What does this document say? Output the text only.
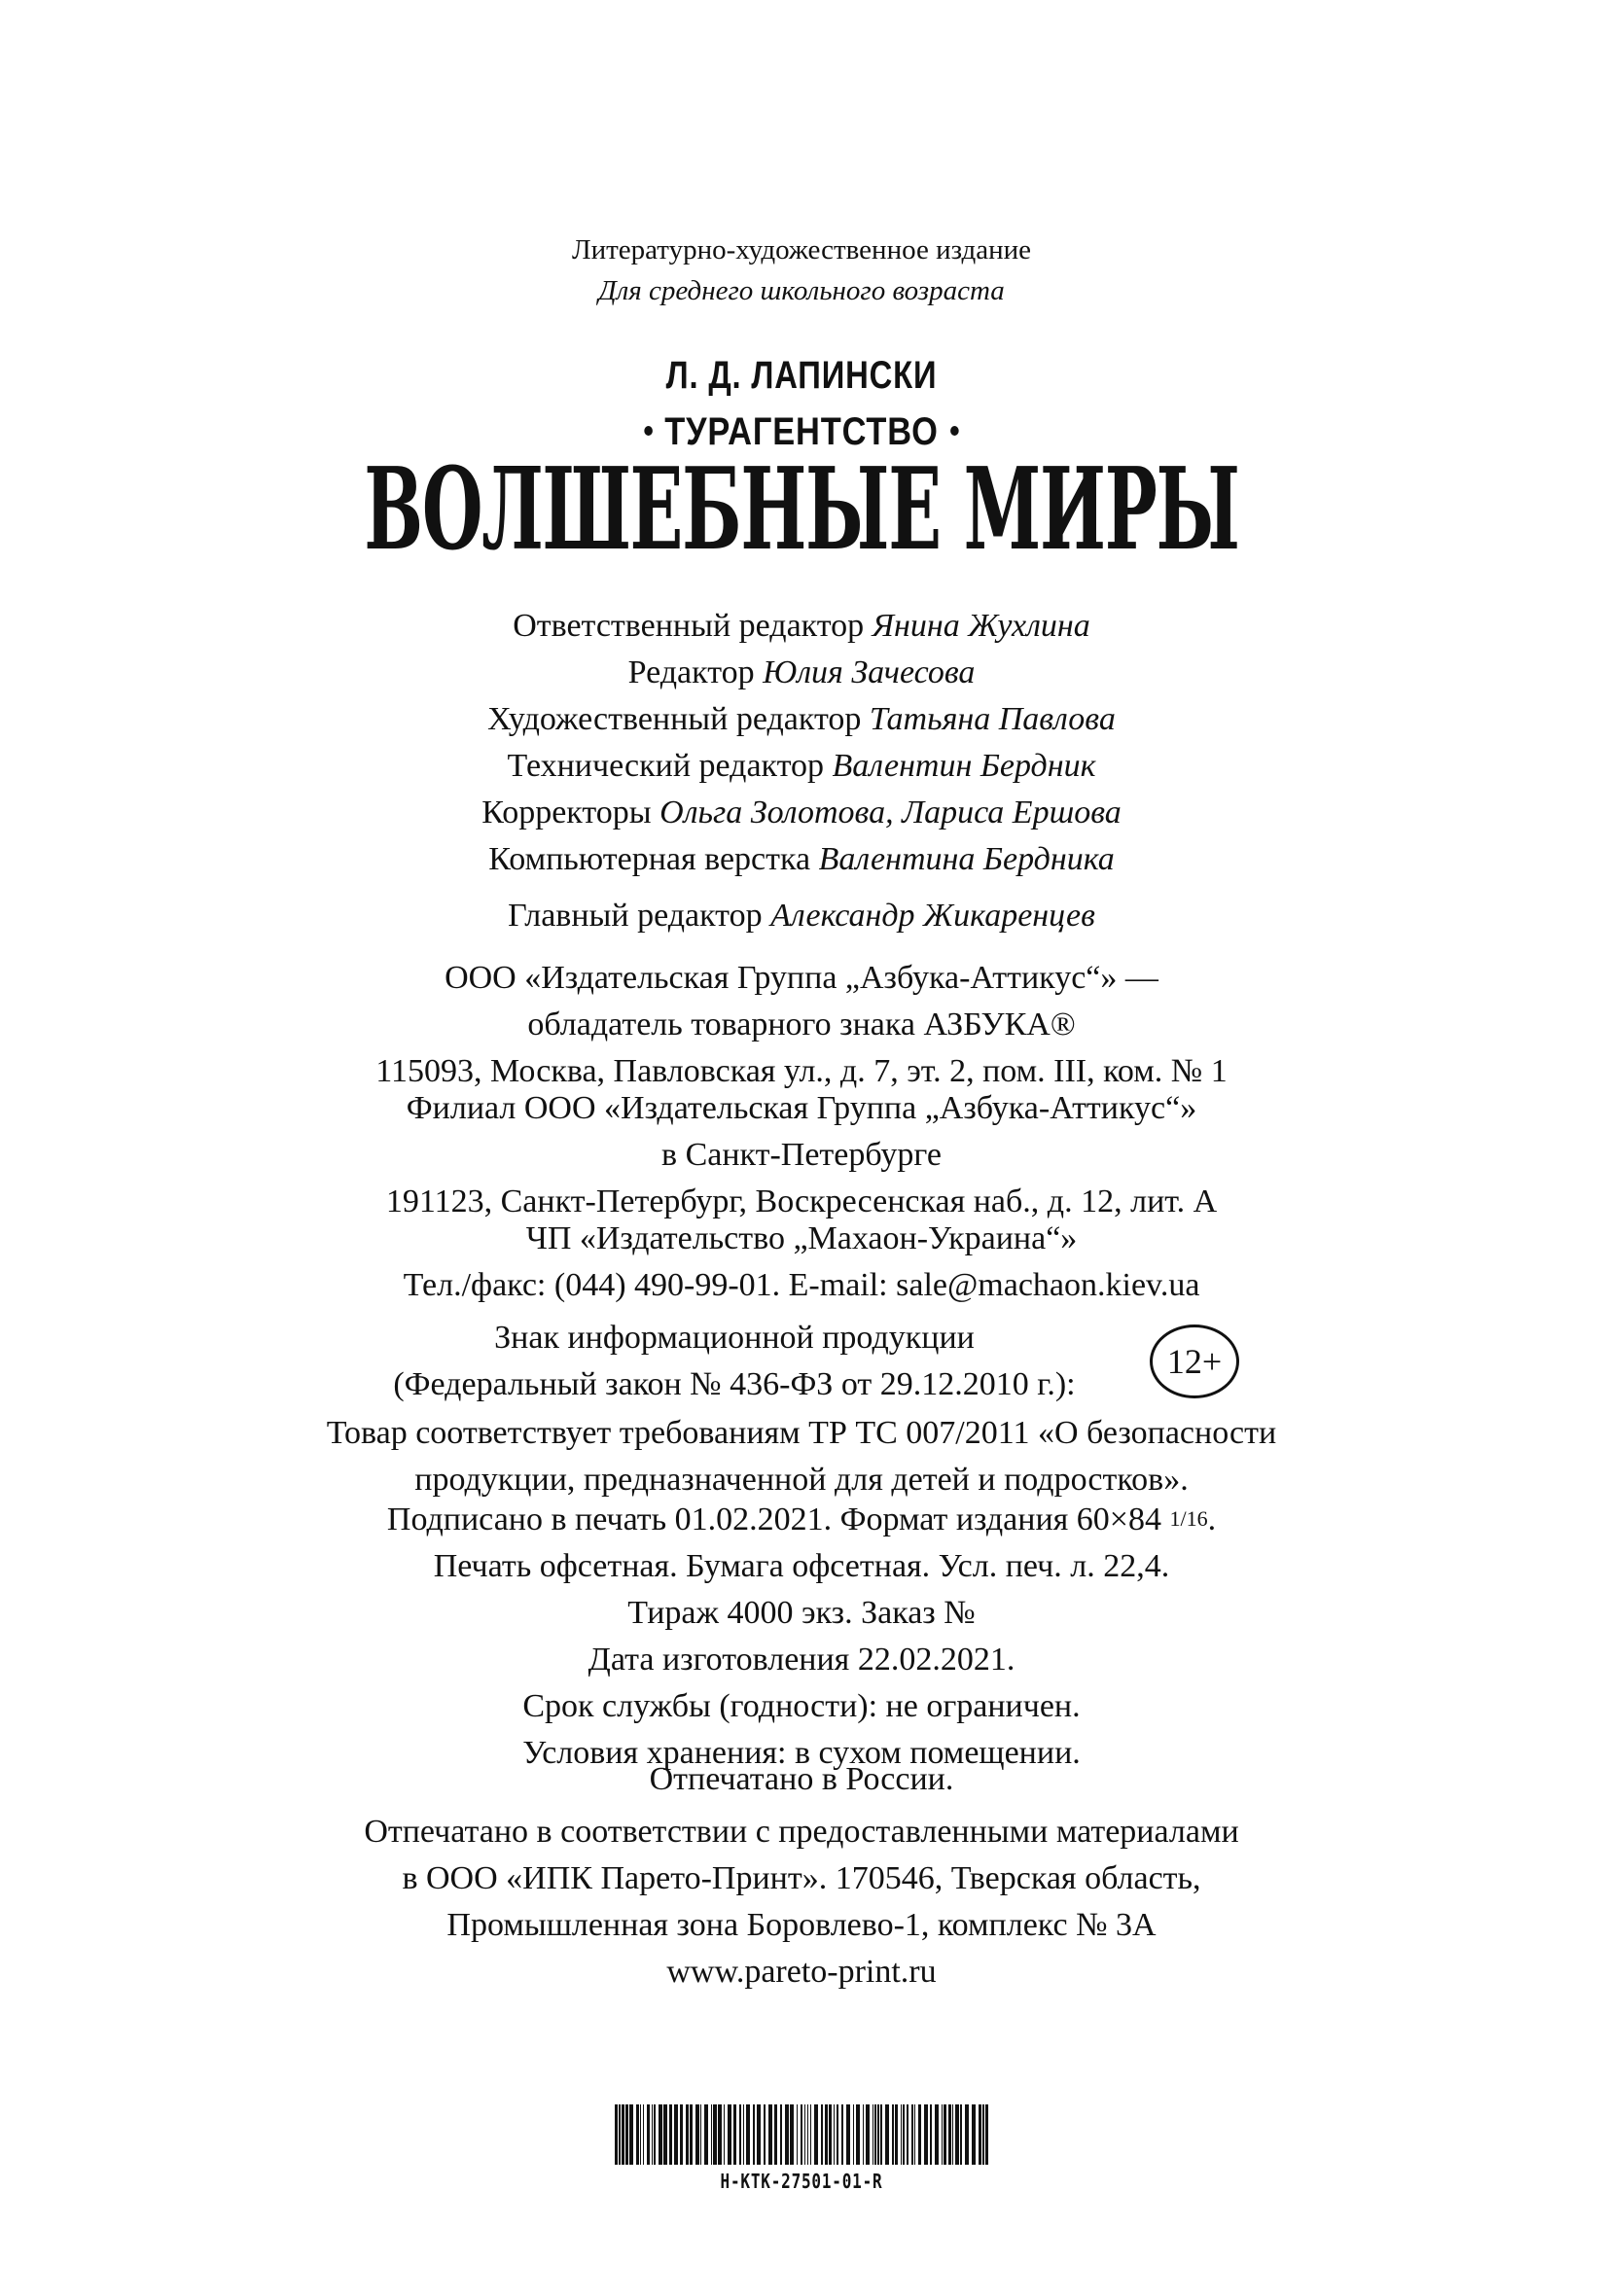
Литературно-художественное издание
Для среднего школьного возраста
Л. Д. ЛАПИНСКИ
ТУРАГЕНТСТВО
ВОЛШЕБНЫЕ МИРЫ
Ответственный редактор Янина Жухлина
Редактор Юлия Зачесова
Художественный редактор Татьяна Павлова
Технический редактор Валентин Бердник
Корректоры Ольга Золотова, Лариса Ершова
Компьютерная верстка Валентина Бердника
Главный редактор Александр Жикаренцев
ООО «Издательская Группа „Азбука-Аттикус“» —
обладатель товарного знака АЗБУКА®
115093, Москва, Павловская ул., д. 7, эт. 2, пом. III, ком. № 1
Филиал ООО «Издательская Группа „Азбука-Аттикус“»
в Санкт-Петербурге
191123, Санкт-Петербург, Воскресенская наб., д. 12, лит. А
ЧП «Издательство „Махаон-Украина“»
Тел./факс: (044) 490-99-01. E-mail: sale@machaon.kiev.ua
Знак информационной продукции
(Федеральный закон № 436-ФЗ от 29.12.2010 г.):
12+
Товар соответствует требованиям ТР ТС 007/2011 «О безопасности
продукции, предназначенной для детей и подростков».
Подписано в печать 01.02.2021. Формат издания 60×84 1/16.
Печать офсетная. Бумага офсетная. Усл. печ. л. 22,4.
Тираж 4000 экз. Заказ №
Дата изготовления 22.02.2021.
Срок службы (годности): не ограничен.
Условия хранения: в сухом помещении.
Отпечатано в России.
Отпечатано в соответствии с предоставленными материалами
в ООО «ИПК Парето-Принт». 170546, Тверская область,
Промышленная зона Боровлево-1, комплекс № 3А
www.pareto-print.ru
H-KTK-27501-01-R
